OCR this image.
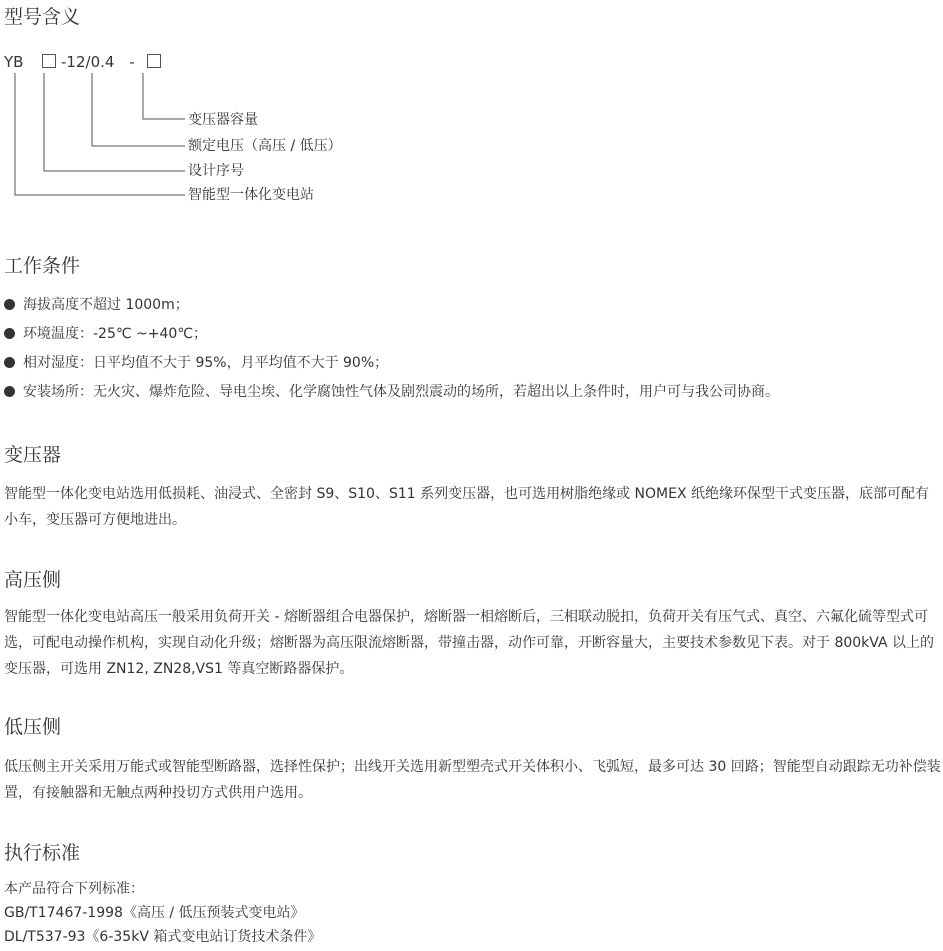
型号含义
YB	-12/0.4 -
变压器容量
额定电压（高压 / 低压）
设计序号
智能型一体化变电站
工作条件
海拔高度不超过 1000m；
环境温度：-25℃ ~+40℃；
相对湿度：日平均值不大于 95%，月平均值不大于 90%；
安装场所：无火灾、爆炸危险、导电尘埃、化学腐蚀性气体及剧烈震动的场所，若超出以上条件时，用户可与我公司协商。
变压器

智能型一体化变电站选用低损耗、油浸式、全密封 S9、S10、S11 系列变压器，也可选用树脂绝缘或 NOMEX 纸绝缘环保型干式变压器，底部可配有小车，变压器可方便地进出。

高压侧

智能型一体化变电站高压一般采用负荷开关 - 熔断器组合电器保护，熔断器一相熔断后，三相联动脱扣，负荷开关有压气式、真空、六氟化硫等型式可选，可配电动操作机构，实现自动化升级；熔断器为高压限流熔断器，带撞击器，动作可靠，开断容量大，主要技术参数见下表。对于 800kVA 以上的变压器，可选用 ZN12, ZN28,VS1 等真空断路器保护。

低压侧

低压侧主开关采用万能式或智能型断路器，选择性保护；出线开关选用新型塑壳式开关体积小、飞弧短，最多可达 30 回路；智能型自动跟踪无功补偿装置，有接触器和无触点两种投切方式供用户选用。

执行标准
本产品符合下列标准：
GB/T17467-1998《高压 / 低压预装式变电站》
DL/T537-93《6-35kV 箱式变电站订货技术条件》
